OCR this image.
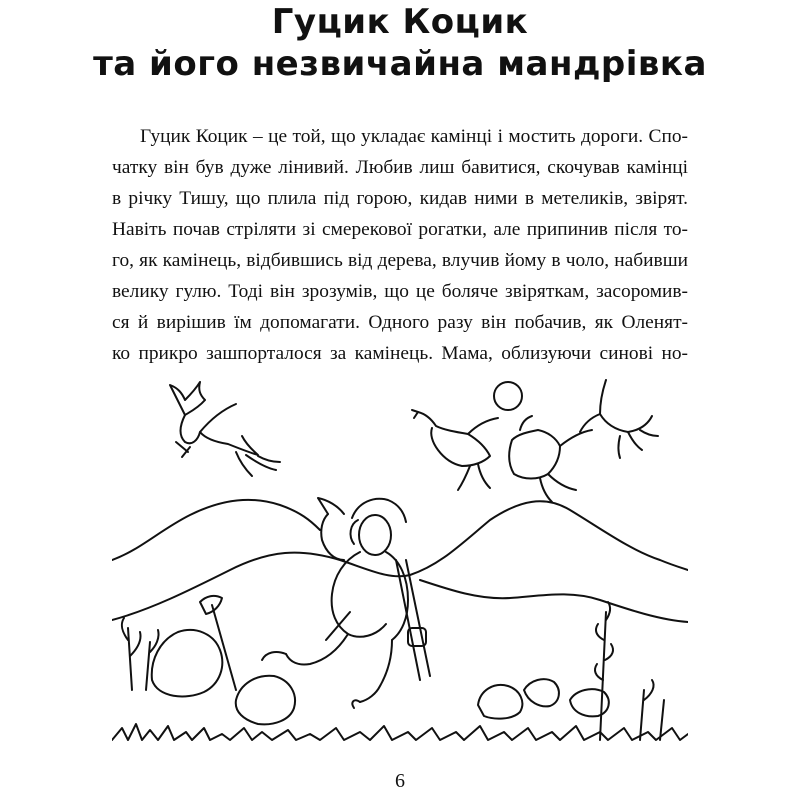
Гуцик Коцик
та його незвичайна мандрівка
Гуцик Коцик – це той, що укладає камінці і мостить дороги. Спо-
чатку він був дуже лінивий. Любив лиш бавитися, скочував камінці
в річку Тишу, що плила під горою, кидав ними в метеликів, звірят.
Навіть почав стріляти зі смерекової рогатки, але припинив після то-
го, як камінець, відбившись від дерева, влучив йому в чоло, набивши
велику гулю. Тоді він зрозумів, що це боляче звіряткам, засоромив-
ся й вирішив їм допомагати. Одного разу він побачив, як Оленят-
ко прикро зашпорталося за камінець. Мама, облизуючи синові но-
6
